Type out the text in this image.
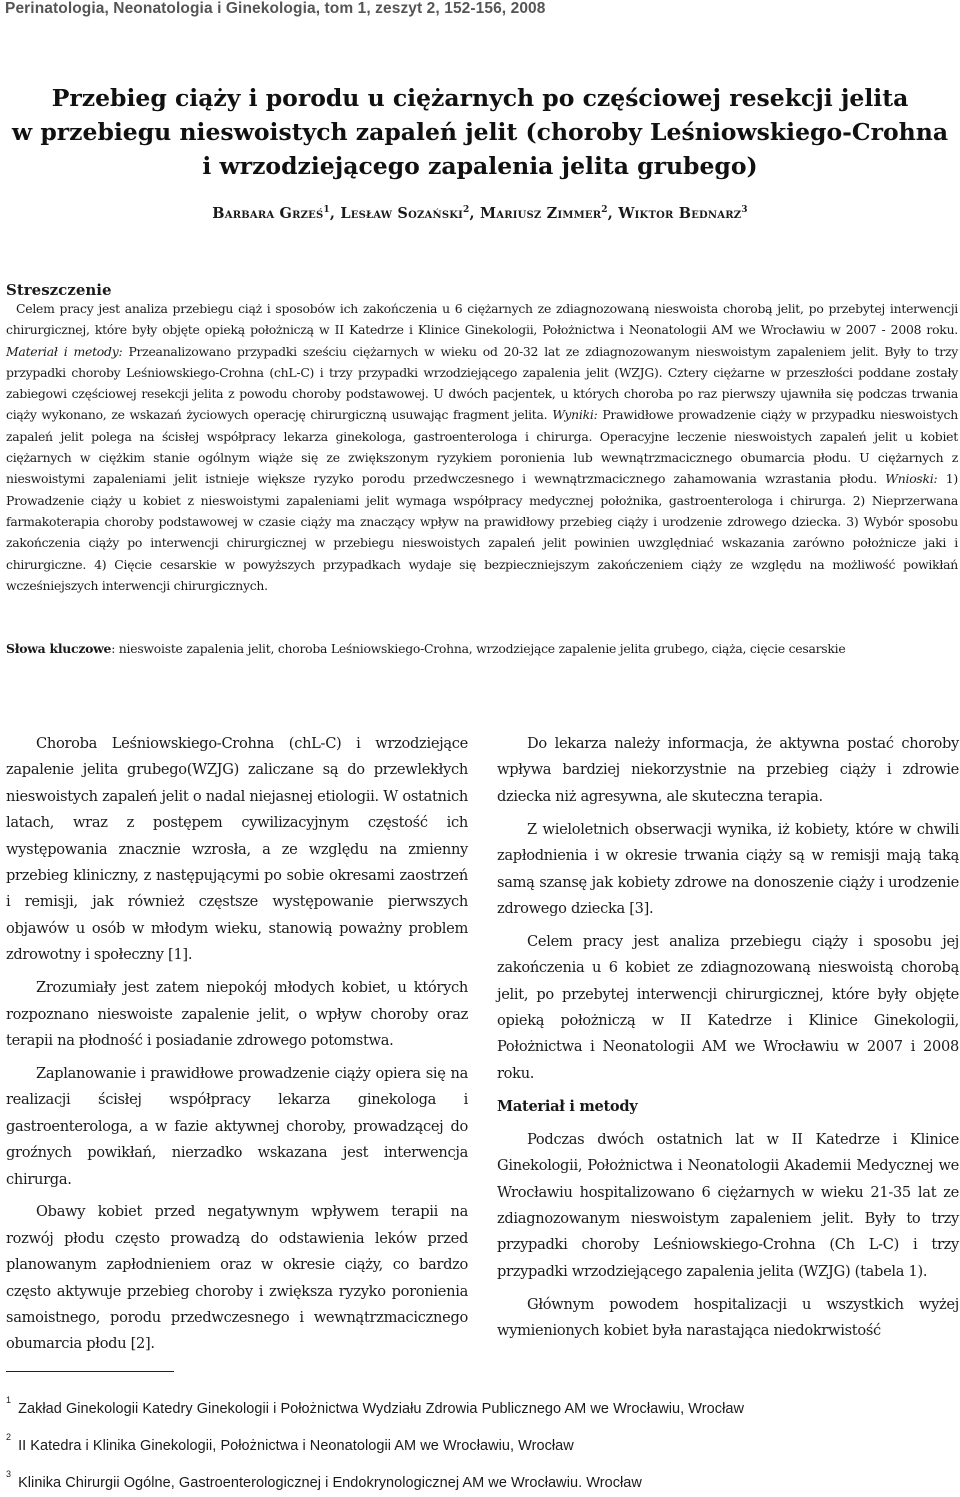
Perinatologia, Neonatologia i Ginekologia, tom 1, zeszyt 2, 152-156, 2008
Przebieg ciąży i porodu u ciężarnych po częściowej resekcji jelita
w przebiegu nieswoistych zapaleń jelit (choroby Leśniowskiego-Crohna
i wrzodziejącego zapalenia jelita grubego)
Barbara Grześ$^1$, Lesław Sozański$^2$, Mariusz Zimmer$^2$, Wiktor Bednarz$^3$
Streszczenie

Celem pracy jest analiza przebiegu ciąż i sposobów ich zakończenia u 6 ciężarnych ze zdiagnozowaną nieswoista chorobą jelit, po przebytej interwencji chirurgicznej, które były objęte opieką położniczą w II Katedrze i Klinice Ginekologii, Położnictwa i Neonatologii AM we Wrocławiu w 2007 - 2008 roku. Materiał i metody: Przeanalizowano przypadki sześciu ciężarnych w wieku od 20-32 lat ze zdiagnozowanym nieswoistym zapaleniem jelit. Były to trzy przypadki choroby Leśniowskiego-Crohna (chL-C) i trzy przypadki wrzodziejącego zapalenia jelit (WZJG). Cztery ciężarne w przeszłości poddane zostały zabiegowi częściowej resekcji jelita z powodu choroby podstawowej. U dwóch pacjentek, u których choroba po raz pierwszy ujawniła się podczas trwania ciąży wykonano, ze wskazań życiowych operację chirurgiczną usuwając fragment jelita. Wyniki: Prawidłowe prowadzenie ciąży w przypadku nieswoistych zapaleń jelit polega na ścisłej współpracy lekarza ginekologa, gastroenterologa i chirurga. Operacyjne leczenie nieswoistych zapaleń jelit u kobiet ciężarnych w ciężkim stanie ogólnym wiąże się ze zwiększonym ryzykiem poronienia lub wewnątrzmacicznego obumarcia płodu. U ciężarnych z nieswoistymi zapaleniami jelit istnieje większe ryzyko porodu przedwczesnego i wewnątrzmacicznego zahamowania wzrastania płodu. Wnioski: 1) Prowadzenie ciąży u kobiet z nieswoistymi zapaleniami jelit wymaga współpracy medycznej położnika, gastroenterologa i chirurga. 2) Nieprzerwana farmakoterapia choroby podstawowej w czasie ciąży ma znaczący wpływ na prawidłowy przebieg ciąży i urodzenie zdrowego dziecka. 3) Wybór sposobu zakończenia ciąży po interwencji chirurgicznej w przebiegu nieswoistych zapaleń jelit powinien uwzględniać wskazania zarówno położnicze jaki i chirurgiczne. 4) Cięcie cesarskie w powyższych przypadkach wydaje się bezpieczniejszym zakończeniem ciąży ze względu na możliwość powikłań wcześniejszych interwencji chirurgicznych.

Słowa kluczowe: nieswoiste zapalenia jelit, choroba Leśniowskiego-Crohna, wrzodziejące zapalenie jelita grubego, ciąża, cięcie cesarskie

Choroba Leśniowskiego-Crohna (chL-C) i wrzodziejące zapalenie jelita grubego(WZJG) zaliczane są do przewlekłych nieswoistych zapaleń jelit o nadal niejasnej etiologii. W ostatnich latach, wraz z postępem cywilizacyjnym częstość ich występowania znacznie wzrosła, a ze względu na zmienny przebieg kliniczny, z następującymi po sobie okresami zaostrzeń i remisji, jak również częstsze występowanie pierwszych objawów u osób w młodym wieku, stanowią poważny problem zdrowotny i społeczny [1].

Zrozumiały jest zatem niepokój młodych kobiet, u których rozpoznano nieswoiste zapalenie jelit, o wpływ choroby oraz terapii na płodność i posiadanie zdrowego potomstwa.

Zaplanowanie i prawidłowe prowadzenie ciąży opiera się na realizacji ścisłej współpracy lekarza ginekologa i gastroenterologa, a w fazie aktywnej choroby, prowadzącej do groźnych powikłań, nierzadko wskazana jest interwencja chirurga.

Obawy kobiet przed negatywnym wpływem terapii na rozwój płodu często prowadzą do odstawienia leków przed planowanym zapłodnieniem oraz w okresie ciąży, co bardzo często aktywuje przebieg choroby i zwiększa ryzyko poronienia samoistnego, porodu przedwczesnego i wewnątrzmacicznego obumarcia płodu [2].

Do lekarza należy informacja, że aktywna postać choroby wpływa bardziej niekorzystnie na przebieg ciąży i zdrowie dziecka niż agresywna, ale skuteczna terapia.

Z wieloletnich obserwacji wynika, iż kobiety, które w chwili zapłodnienia i w okresie trwania ciąży są w remisji mają taką samą szansę jak kobiety zdrowe na donoszenie ciąży i urodzenie zdrowego dziecka [3].

Celem pracy jest analiza przebiegu ciąży i sposobu jej zakończenia u 6 kobiet ze zdiagnozowaną nieswoistą chorobą jelit, po przebytej interwencji chirurgicznej, które były objęte opieką położniczą w II Katedrze i Klinice Ginekologii, Położnictwa i Neonatologii AM we Wrocławiu w 2007 i 2008 roku.

Materiał i metody

Podczas dwóch ostatnich lat w II Katedrze i Klinice Ginekologii, Położnictwa i Neonatologii Akademii Medycznej we Wrocławiu hospitalizowano 6 ciężarnych w wieku 21-35 lat ze zdiagnozowanym nieswoistym zapaleniem jelit. Były to trzy przypadki choroby Leśniowskiego-Crohna (Ch L-C) i trzy przypadki wrzodziejącego zapalenia jelita (WZJG) (tabela 1).

Głównym powodem hospitalizacji u wszystkich wyżej wymienionych kobiet była narastająca niedokrwistość

$^1$Zakład Ginekologii Katedry Ginekologii i Położnictwa Wydziału Zdrowia Publicznego AM we Wrocławiu, Wrocław
$^2$II Katedra i Klinika Ginekologii, Położnictwa i Neonatologii AM we Wrocławiu, Wrocław
$^3$Klinika Chirurgii Ogólne, Gastroenterologicznej i Endokrynologicznej AM we Wrocławiu. Wrocław
